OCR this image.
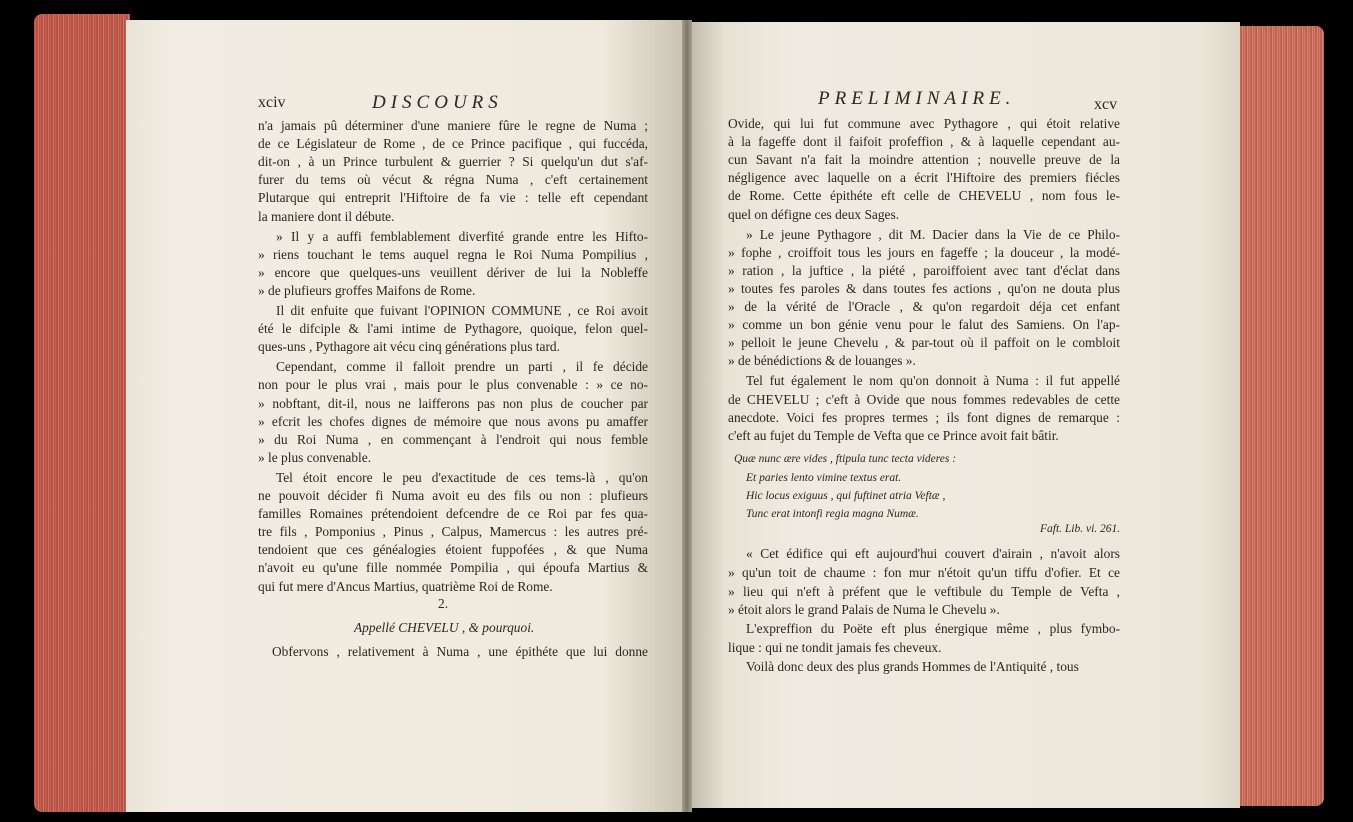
xciv	DISCOURS
n'a jamais pû déterminer d'une maniere fûre le regne de Numa ;
de ce Législateur de Rome , de ce Prince pacifique , qui fuccéda,
dit-on , à un Prince turbulent & guerrier ? Si quelqu'un dut s'af-
furer du tems où vécut & régna Numa , c'eft certainement
Plutarque qui entreprit l'Hiftoire de fa vie : telle eft cependant
la maniere dont il débute.
» Il y a auffi femblablement diverfité grande entre les Hifto-
» riens touchant le tems auquel regna le Roi Numa Pompilius ,
» encore que quelques-uns veuillent dériver de lui la Nobleffe
» de plufieurs groffes Maifons de Rome.
Il dit enfuite que fuivant l'OPINION COMMUNE , ce Roi avoit
été le difciple & l'ami intime de Pythagore, quoique, felon quel-
ques-uns , Pythagore ait vécu cinq générations plus tard.
Cependant, comme il falloit prendre un parti , il fe décide
non pour le plus vrai , mais pour le plus convenable : » ce no-
» nobftant, dit-il, nous ne laifferons pas non plus de coucher par
» efcrit les chofes dignes de mémoire que nous avons pu amaffer
» du Roi Numa , en commençant à l'endroit qui nous femble
» le plus convenable.
Tel étoit encore le peu d'exactitude de ces tems-là , qu'on
ne pouvoit décider fi Numa avoit eu des fils ou non : plufieurs
familles Romaines prétendoient defcendre de ce Roi par fes qua-
tre fils , Pomponius , Pinus , Calpus, Mamercus : les autres pré-
tendoient que ces généalogies étoient fuppofées , & que Numa
n'avoit eu qu'une fille nommée Pompilia , qui époufa Martius &
qui fut mere d'Ancus Martius, quatrième Roi de Rome.
2.
Appellé CHEVELU , & pourquoi.
Obfervons , relativement à Numa , une épithéte que lui donne
PRELIMINAIRE.	xcv
Ovide, qui lui fut commune avec Pythagore , qui étoit relative
à la fageffe dont il faifoit profeffion , & à laquelle cependant au-
cun Savant n'a fait la moindre attention ; nouvelle preuve de la
négligence avec laquelle on a écrit l'Hiftoire des premiers fiécles
de Rome. Cette épithéte eft celle de CHEVELU , nom fous le-
quel on défigne ces deux Sages.
» Le jeune Pythagore , dit M. Dacier dans la Vie de ce Philo-
» fophe , croiffoit tous les jours en fageffe ; la douceur , la modé-
» ration , la juftice , la piété , paroiffoient avec tant d'éclat dans
» toutes fes paroles & dans toutes fes actions , qu'on ne douta plus
» de la vérité de l'Oracle , & qu'on regardoit déja cet enfant
» comme un bon génie venu pour le falut des Samiens. On l'ap-
» pelloit le jeune Chevelu , & par-tout où il paffoit on le combloit
» de bénédictions & de louanges ».
Tel fut également le nom qu'on donnoit à Numa : il fut appellé
de CHEVELU ; c'eft à Ovide que nous fommes redevables de cette
anecdote. Voici fes propres termes ; ils font dignes de remarque :
c'eft au fujet du Temple de Vefta que ce Prince avoit fait bâtir.
Quæ nunc ære vides , ftipula tunc tecta videres :
Et paries lento vimine textus erat.
Hic locus exiguus , qui fuftinet atria Veftæ ,
Tunc erat intonfi regia magna Numæ.
Faft. Lib. vi. 261.
« Cet édifice qui eft aujourd'hui couvert d'airain , n'avoit alors
» qu'un toit de chaume : fon mur n'étoit qu'un tiffu d'ofier. Et ce
» lieu qui n'eft à préfent que le veftibule du Temple de Vefta ,
» étoit alors le grand Palais de Numa le Chevelu ».
L'expreffion du Poëte eft plus énergique même , plus fymbo-
lique : qui ne tondit jamais fes cheveux.
Voilà donc deux des plus grands Hommes de l'Antiquité , tous
